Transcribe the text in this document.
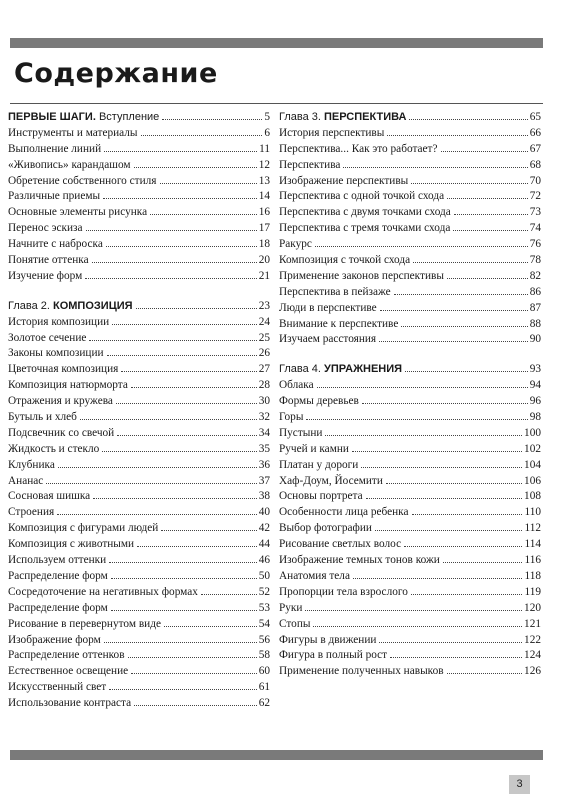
Содержание
ПЕРВЫЕ ШАГИ. Вступление	5
Инструменты и материалы	6
Выполнение линий	11
«Живопись» карандашом	12
Обретение собственного стиля	13
Различные приемы	14
Основные элементы рисунка	16
Перенос эскиза	17
Начните с наброска	18
Понятие оттенка	20
Изучение форм	21
Глава 2. КОМПОЗИЦИЯ	23
История композиции	24
Золотое сечение	25
Законы композиции	26
Цветочная композиция	27
Композиция натюрморта	28
Отражения и кружева	30
Бутыль и хлеб	32
Подсвечник со свечой	34
Жидкость и стекло	35
Клубника	36
Ананас	37
Сосновая шишка	38
Строения	40
Композиция с фигурами людей	42
Композиция с животными	44
Используем оттенки	46
Распределение форм	50
Сосредоточение на негативных формах	52
Распределение форм	53
Рисование в перевернутом виде	54
Изображение форм	56
Распределение оттенков	58
Естественное освещение	60
Искусственный свет	61
Использование контраста	62
Глава 3. ПЕРСПЕКТИВА	65
История перспективы	66
Перспектива... Как это работает?	67
Перспектива	68
Изображение перспективы	70
Перспектива с одной точкой схода	72
Перспектива с двумя точками схода	73
Перспектива с тремя точками схода	74
Ракурс	76
Композиция с точкой схода	78
Применение законов перспективы	82
Перспектива в пейзаже	86
Люди в перспективе	87
Внимание к перспективе	88
Изучаем расстояния	90
Глава 4. УПРАЖНЕНИЯ	93
Облака	94
Формы деревьев	96
Горы	98
Пустыни	100
Ручей и камни	102
Платан у дороги	104
Хаф-Доум, Йосемити	106
Основы портрета	108
Особенности лица ребенка	110
Выбор фотографии	112
Рисование светлых волос	114
Изображение темных тонов кожи	116
Анатомия тела	118
Пропорции тела взрослого	119
Руки	120
Стопы	121
Фигуры в движении	122
Фигура в полный рост	124
Применение полученных навыков	126
3
